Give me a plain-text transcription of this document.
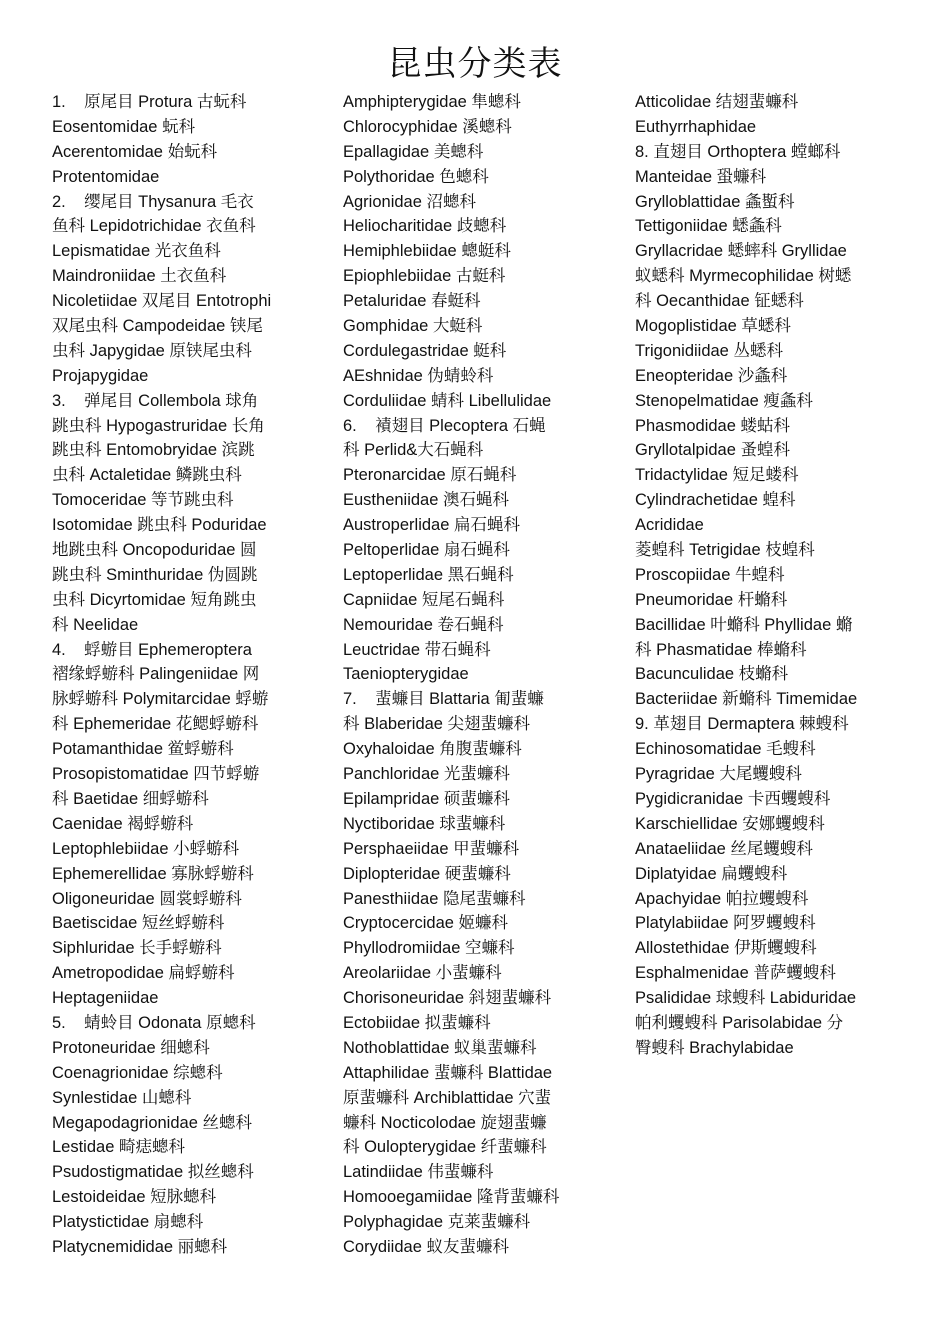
昆虫分类表
1.    原尾目 Protura 古蚖科
Eosentomidae 蚖科
Acerentomidae 始蚖科
Protentomidae
2.    缨尾目 Thysanura 毛衣
鱼科 Lepidotrichidae 衣鱼科
Lepismatidae 光衣鱼科
Maindroniidae 土衣鱼科
Nicoletiidae 双尾目 Entotrophi
双尾虫科 Campodeidae 铗尾
虫科 Japygidae 原铗尾虫科
Projapygidae
3.    弹尾目 Collembola 球角
跳虫科 Hypogastruridae 长角
跳虫科 Entomobryidae 滨跳
虫科 Actaletidae 鳞跳虫科
Tomoceridae 等节跳虫科
Isotomidae 跳虫科 Poduridae
地跳虫科 Oncopoduridae 圆
跳虫科 Sminthuridae 伪圆跳
虫科 Dicyrtomidae 短角跳虫
科 Neelidae
4.    蜉蝣目 Ephemeroptera
褶缘蜉蝣科 Palingeniidae 网
脉蜉蝣科 Polymitarcidae 蜉蝣
科 Ephemeridae 花鳃蜉蝣科
Potamanthidae 鲎蜉蝣科
Prosopistomatidae 四节蜉蝣
科 Baetidae 细蜉蝣科
Caenidae 褐蜉蝣科
Leptophlebiidae 小蜉蝣科
Ephemerellidae 寡脉蜉蝣科
Oligoneuridae 圆裳蜉蝣科
Baetiscidae 短丝蜉蝣科
Siphluridae 长手蜉蝣科
Ametropodidae 扁蜉蝣科
Heptageniidae
5.    蜻蛉目 Odonata 原蟌科
Protoneuridae 细蟌科
Coenagrionidae 综蟌科
Synlestidae 山蟌科
Megapodagrionidae 丝蟌科
Lestidae 畸痣蟌科
Psudostigmatidae 拟丝蟌科
Lestoideidae 短脉蟌科
Platystictidae 扇蟌科
Platycnemididae 丽蟌科
Amphipterygidae 隼蟌科
Chlorocyphidae 溪蟌科
Epallagidae 美蟌科
Polythoridae 色蟌科
Agrionidae 沼蟌科
Heliocharitidae 歧蟌科
Hemiphlebiidae 蟌蜓科
Epiophlebiidae 古蜓科
Petaluridae 春蜓科
Gomphidae 大蜓科
Cordulegastridae 蜓科
AEshnidae 伪蜻蛉科
Corduliidae 蜻科 Libellulidae
6.    襀翅目 Plecoptera 石蝇
科 Perlid&大石蝇科
Pteronarcidae 原石蝇科
Eustheniidae 澳石蝇科
Austroperlidae 扁石蝇科
Peltoperlidae 扇石蝇科
Leptoperlidae 黑石蝇科
Capniidae 短尾石蝇科
Nemouridae 卷石蝇科
Leuctridae 带石蝇科
Taeniopterygidae
7.    蜚蠊目 Blattaria 匍蜚蠊
科 Blaberidae 尖翅蜚蠊科
Oxyhaloidae 角腹蜚蠊科
Panchloridae 光蜚蠊科
Epilampridae 硕蜚蠊科
Nyctiboridae 球蜚蠊科
Persphaeiidae 甲蜚蠊科
Diplopteridae 硬蜚蠊科
Panesthiidae 隐尾蜚蠊科
Cryptocercidae 姬蠊科
Phyllodromiidae 空蠊科
Areolariidae 小蜚蠊科
Chorisoneuridae 斜翅蜚蠊科
Ectobiidae 拟蜚蠊科
Nothoblattidae 蚁巢蜚蠊科
Attaphilidae 蜚蠊科 Blattidae
原蜚蠊科 Archiblattidae 穴蜚
蠊科 Nocticolodae 旋翅蜚蠊
科 Oulopterygidae 纤蜚蠊科
Latindiidae 伟蜚蠊科
Homooegamiidae 隆背蜚蠊科
Polyphagidae 克莱蜚蠊科
Corydiidae 蚁友蜚蠊科
Atticolidae 结翅蜚蠊科
Euthyrrhaphidae
8. 直翅目 Orthoptera 螳螂科
Manteidae 蛩蠊科
Grylloblattidae 螽蟴科
Tettigoniidae 蟋螽科
Gryllacridae 蟋蟀科 Gryllidae
蚁蟋科 Myrmecophilidae 树蟋
科 Oecanthidae 钲蟋科
Mogoplistidae 草蟋科
Trigonidiidae 丛蟋科
Eneopteridae 沙螽科
Stenopelmatidae 瘦螽科
Phasmodidae 蝼蛄科
Gryllotalpidae 蚤蝗科
Tridactylidae 短足蝼科
Cylindrachetidae 蝗科
Acrididae
菱蝗科 Tetrigidae 枝蝗科
Proscopiidae 牛蝗科
Pneumoridae 杆䗛科
Bacillidae 叶䗛科 Phyllidae 䗛
科 Phasmatidae 棒䗛科
Bacunculidae 枝䗛科
Bacteriidae 新䗛科 Timemidae
9. 革翅目 Dermaptera 棘螋科
Echinosomatidae 毛螋科
Pyragridae 大尾蠼螋科
Pygidicranidae 卡西蠼螋科
Karschiellidae 安娜蠼螋科
Anataeliidae 丝尾蠼螋科
Diplatyidae 扁蠼螋科
Apachyidae 帕拉蠼螋科
Platylabiidae 阿罗蠼螋科
Allostethidae 伊斯蠼螋科
Esphalmenidae 普萨蠼螋科
Psalididae 球螋科 Labiduridae
帕利蠼螋科 Parisolabidae 分
臀螋科 Brachylabidae
